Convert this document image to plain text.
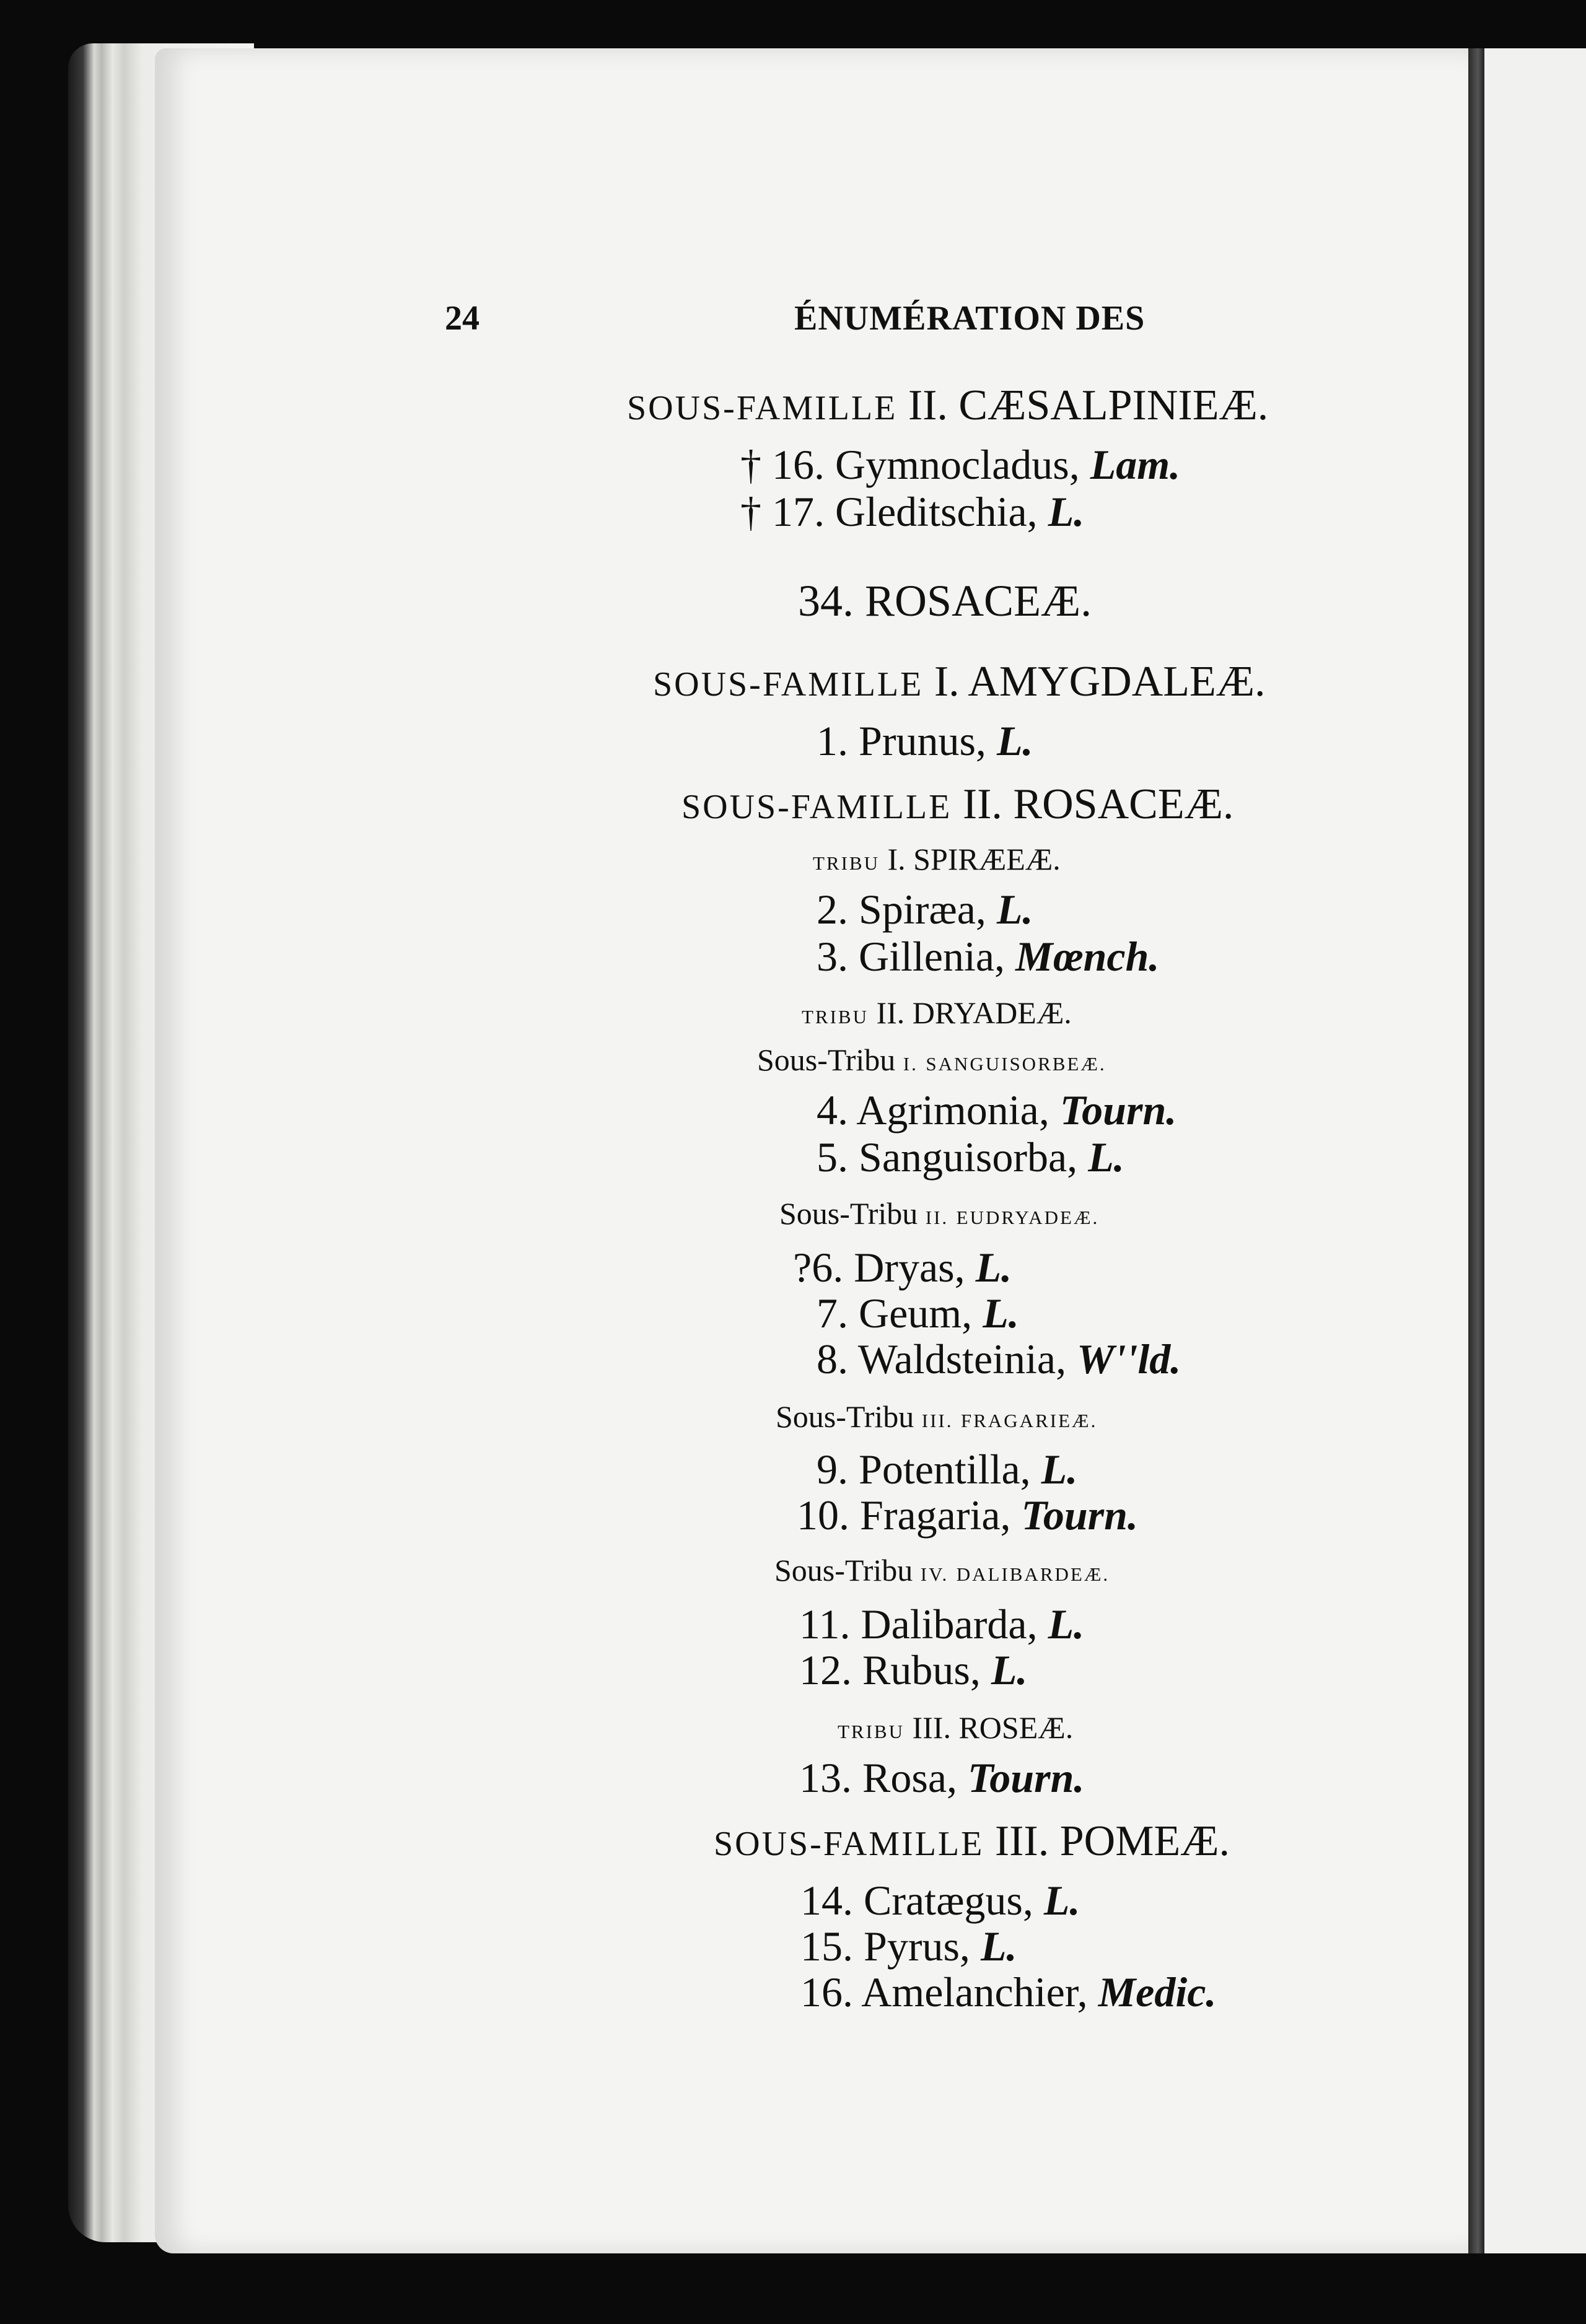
24	ÉNUMÉRATION DES
SOUS-FAMILLE II. CÆSALPINIEÆ.
† 16. Gymnocladus, Lam.
† 17. Gleditschia, L.
34. ROSACEÆ.
SOUS-FAMILLE I. AMYGDALEÆ.
1. Prunus, L.
SOUS-FAMILLE II. ROSACEÆ.
TRIBU I. SPIRÆEÆ.
2. Spiræa, L.
3. Gillenia, Mœnch.
TRIBU II. DRYADEÆ.
Sous-Tribu I. SANGUISORBEÆ.
4. Agrimonia, Tourn.
5. Sanguisorba, L.
Sous-Tribu II. EUDRYADEÆ.
?6. Dryas, L.
7. Geum, L.
8. Waldsteinia, W''ld.
Sous-Tribu III. FRAGARIEÆ.
9. Potentilla, L.
10. Fragaria, Tourn.
Sous-Tribu IV. DALIBARDEÆ.
11. Dalibarda, L.
12. Rubus, L.
TRIBU III. ROSEÆ.
13. Rosa, Tourn.
SOUS-FAMILLE III. POMEÆ.
14. Cratægus, L.
15. Pyrus, L.
16. Amelanchier, Medic.
